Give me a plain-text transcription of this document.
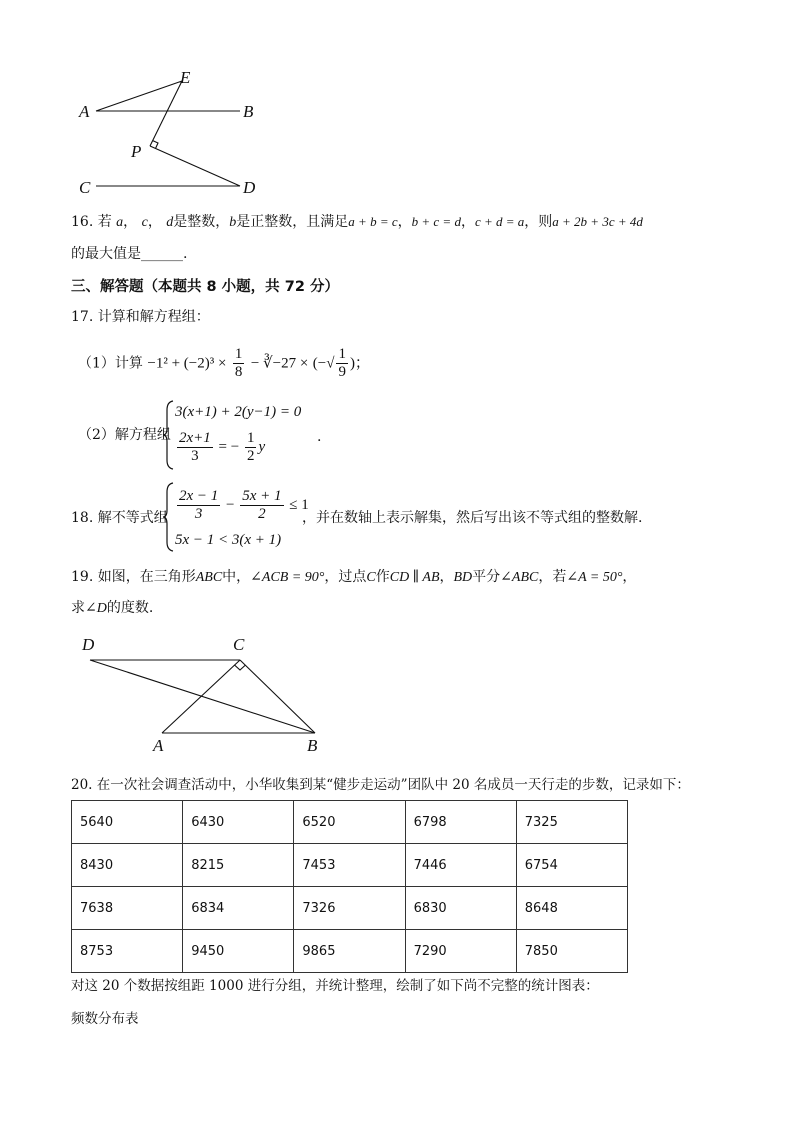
E
A	B
P
C	D
16. 若 a， c， d是整数，b是正整数，且满足a + b = c，b + c = d，c + d = a，则a + 2b + 3c + 4d
的最大值是______.
三、解答题（本题共 8 小题，共 72 分）
17. 计算和解方程组：
（1）计算 $-1^2 + (-2)^3 \times \frac{1}{8}$ − ∛−27 × (−√ $\frac{1}{9}$ )；
（2）解方程组
3(x+1) + 2(y−1) = 0
$\frac{2x+1}{3}$ = − $\frac{1}{2}$ y
.
18. 解不等式组 $\frac{2x - 1}{3} - \frac{5x + 1}{2} \le 1$
5x − 1 < 3(x + 1)
，并在数轴上表示解集，然后写出该不等式组的整数解.
19. 如图，在三角形ABC中，∠ACB = 90°，过点C作CD ∥ AB，BD平分∠ABC，若∠A = 50°，
求∠D的度数.
D	C
A	B
20. 在一次社会调查活动中，小华收集到某“健步走运动”团队中 20 名成员一天行走的步数，记录如下：
5640	6430	6520	6798	7325
8430	8215	7453	7446	6754
7638	6834	7326	6830	8648
8753	9450	9865	7290	7850
对这 20 个数据按组距 1000 进行分组，并统计整理，绘制了如下尚不完整的统计图表：
频数分布表
